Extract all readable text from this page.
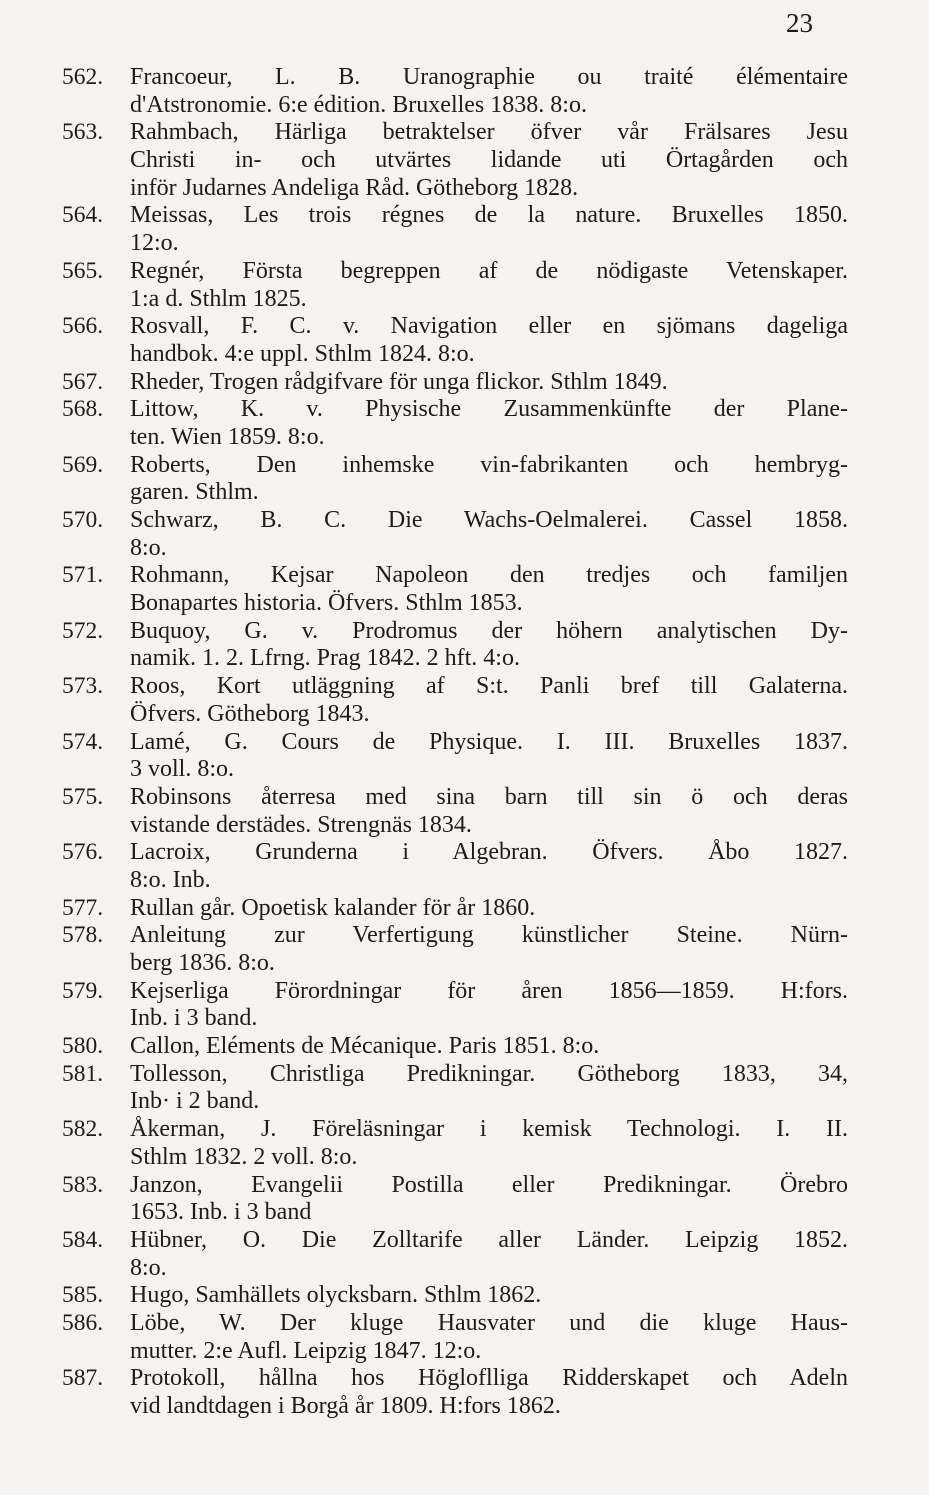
23
562. Francoeur, L. B. Uranographie ou traité élémentaire
d'Atstronomie. 6:e édition. Bruxelles 1838. 8:o.
563. Rahmbach, Härliga betraktelser öfver vår Frälsares Jesu
Christi in- och utvärtes lidande uti Örtagården och
inför Judarnes Andeliga Råd. Götheborg 1828.
564. Meissas, Les trois régnes de la nature. Bruxelles 1850.
12:o.
565. Regnér, Första begreppen af de nödigaste Vetenskaper.
1:a d. Sthlm 1825.
566. Rosvall, F. C. v. Navigation eller en sjömans dageliga
handbok. 4:e uppl. Sthlm 1824. 8:o.
567. Rheder, Trogen rådgifvare för unga flickor. Sthlm 1849.
568. Littow, K. v. Physische Zusammenkünfte der Plane-
ten. Wien 1859. 8:o.
569. Roberts, Den inhemske vin-fabrikanten och hembryg-
garen. Sthlm.
570. Schwarz, B. C. Die Wachs-Oelmalerei. Cassel 1858.
8:o.
571. Rohmann, Kejsar Napoleon den tredjes och familjen
Bonapartes historia. Öfvers. Sthlm 1853.
572. Buquoy, G. v. Prodromus der höhern analytischen Dy-
namik. 1. 2. Lfrng. Prag 1842. 2 hft. 4:o.
573. Roos, Kort utläggning af S:t. Panli bref till Galaterna.
Öfvers. Götheborg 1843.
574. Lamé, G. Cours de Physique. I. III. Bruxelles 1837.
3 voll. 8:o.
575. Robinsons återresa med sina barn till sin ö och deras
vistande derstädes. Strengnäs 1834.
576. Lacroix, Grunderna i Algebran. Öfvers. Åbo 1827.
8:o. Inb.
577. Rullan går. Opoetisk kalander för år 1860.
578. Anleitung zur Verfertigung künstlicher Steine. Nürn-
berg 1836. 8:o.
579. Kejserliga Förordningar för åren 1856—1859. H:fors.
Inb. i 3 band.
580. Callon, Eléments de Mécanique. Paris 1851. 8:o.
581. Tollesson, Christliga Predikningar. Götheborg 1833, 34,
Inb· i 2 band.
582. Åkerman, J. Föreläsningar i kemisk Technologi. I. II.
Sthlm 1832. 2 voll. 8:o.
583. Janzon, Evangelii Postilla eller Predikningar. Örebro
1653. Inb. i 3 band
584. Hübner, O. Die Zolltarife aller Länder. Leipzig 1852.
8:o.
585. Hugo, Samhällets olycksbarn. Sthlm 1862.
586. Löbe, W. Der kluge Hausvater und die kluge Haus-
mutter. 2:e Aufl. Leipzig 1847. 12:o.
587. Protokoll, hållna hos Högloflliga Ridderskapet och Adeln
vid landtdagen i Borgå år 1809. H:fors 1862.
